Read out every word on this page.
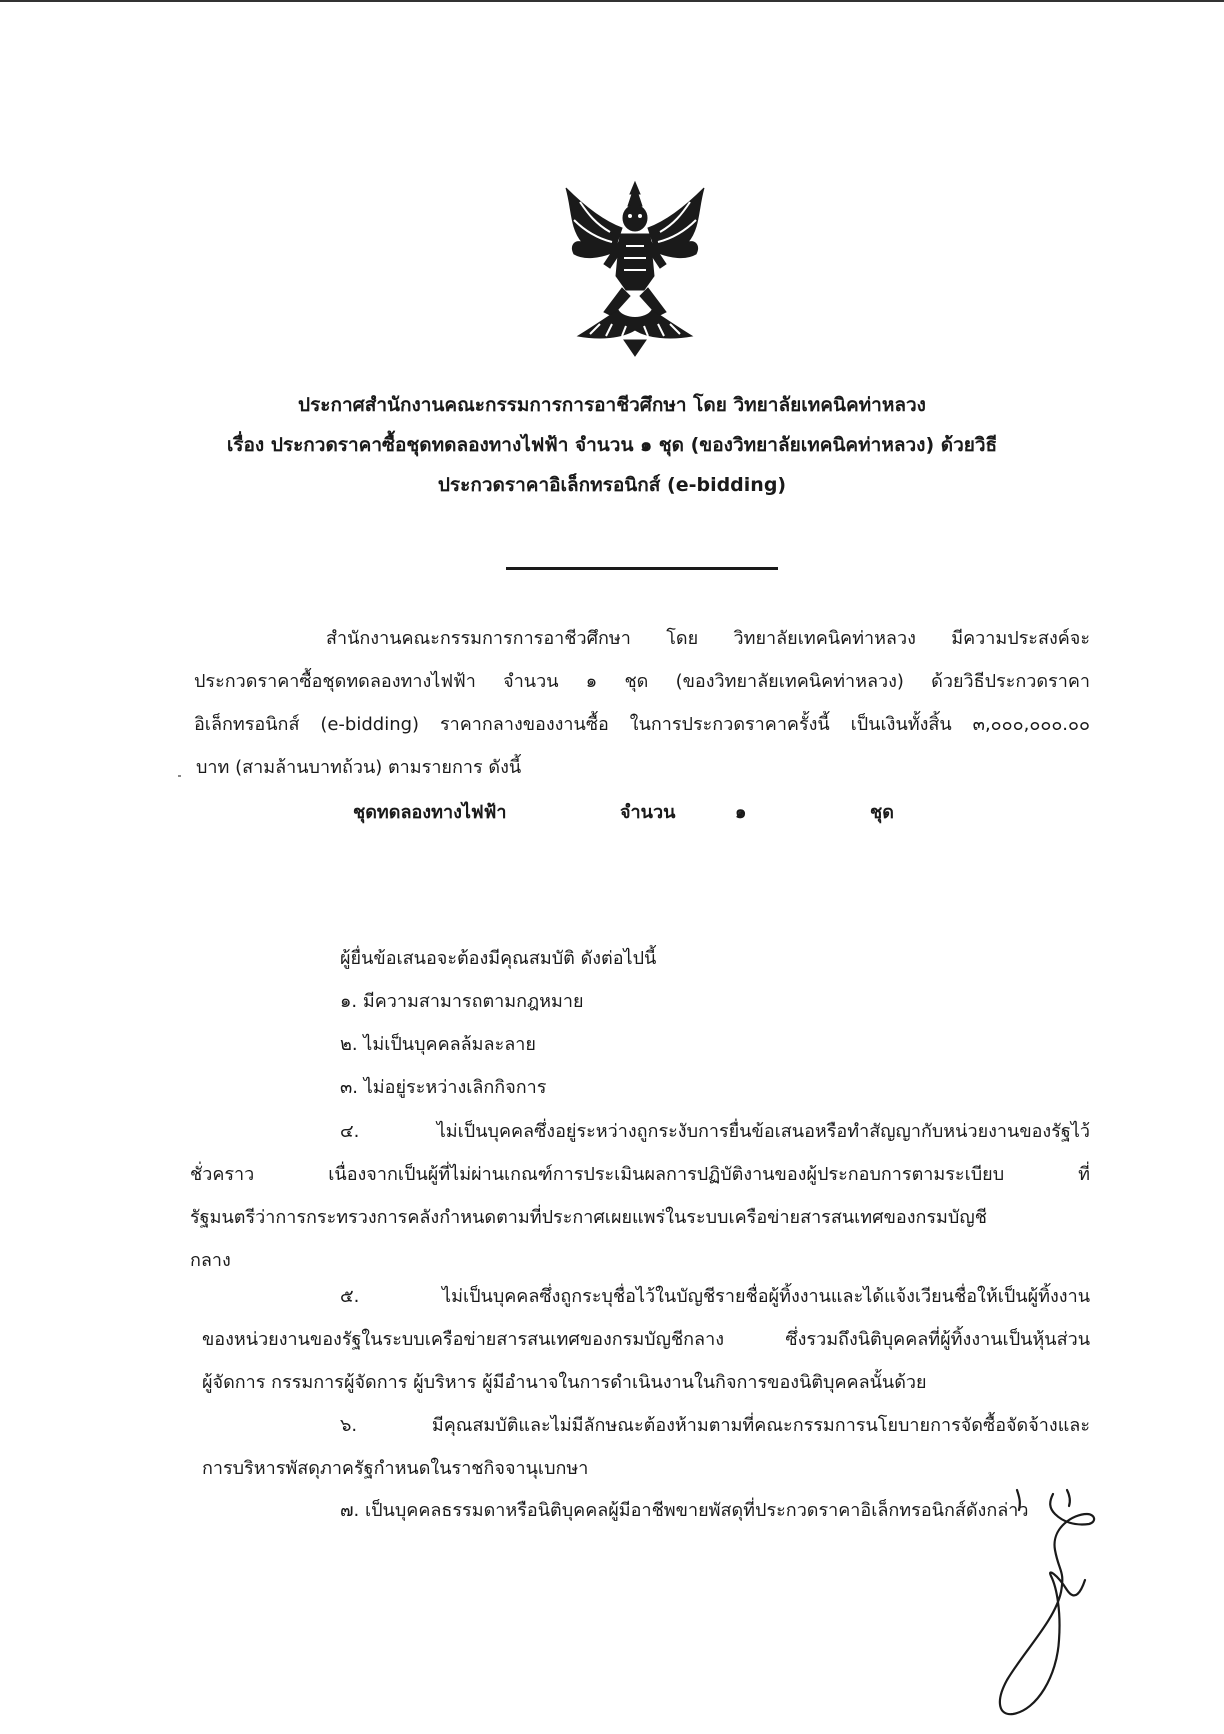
ประกาศสำนักงานคณะกรรมการการอาชีวศึกษา โดย วิทยาลัยเทคนิคท่าหลวง
เรื่อง ประกวดราคาซื้อชุดทดลองทางไฟฟ้า จำนวน ๑ ชุด (ของวิทยาลัยเทคนิคท่าหลวง) ด้วยวิธี
ประกวดราคาอิเล็กทรอนิกส์ (e-bidding)
สำนักงานคณะกรรมการการอาชีวศึกษา โดย วิทยาลัยเทคนิคท่าหลวง มีความประสงค์จะ
ประกวดราคาซื้อชุดทดลองทางไฟฟ้า จำนวน ๑ ชุด (ของวิทยาลัยเทคนิคท่าหลวง) ด้วยวิธีประกวดราคา
อิเล็กทรอนิกส์ (e-bidding) ราคากลางของงานซื้อ ในการประกวดราคาครั้งนี้ เป็นเงินทั้งสิ้น ๓,๐๐๐,๐๐๐.๐๐
บาท (สามล้านบาทถ้วน) ตามรายการ ดังนี้
ชุดทดลองทางไฟฟ้า	จำนวน	๑	ชุด
ผู้ยื่นข้อเสนอจะต้องมีคุณสมบัติ ดังต่อไปนี้
๑. มีความสามารถตามกฎหมาย
๒. ไม่เป็นบุคคลล้มละลาย
๓. ไม่อยู่ระหว่างเลิกกิจการ
๔. ไม่เป็นบุคคลซึ่งอยู่ระหว่างถูกระงับการยื่นข้อเสนอหรือทำสัญญากับหน่วยงานของรัฐไว้
ชั่วคราว เนื่องจากเป็นผู้ที่ไม่ผ่านเกณฑ์การประเมินผลการปฏิบัติงานของผู้ประกอบการตามระเบียบ ที่
รัฐมนตรีว่าการกระทรวงการคลังกำหนดตามที่ประกาศเผยแพร่ในระบบเครือข่ายสารสนเทศของกรมบัญชี
กลาง
๕. ไม่เป็นบุคคลซึ่งถูกระบุชื่อไว้ในบัญชีรายชื่อผู้ทิ้งงานและได้แจ้งเวียนชื่อให้เป็นผู้ทิ้งงาน
ของหน่วยงานของรัฐในระบบเครือข่ายสารสนเทศของกรมบัญชีกลาง ซึ่งรวมถึงนิติบุคคลที่ผู้ทิ้งงานเป็นหุ้นส่วน
ผู้จัดการ กรรมการผู้จัดการ ผู้บริหาร ผู้มีอำนาจในการดำเนินงานในกิจการของนิติบุคคลนั้นด้วย
๖. มีคุณสมบัติและไม่มีลักษณะต้องห้ามตามที่คณะกรรมการนโยบายการจัดซื้อจัดจ้างและ
การบริหารพัสดุภาครัฐกำหนดในราชกิจจานุเบกษา
๗. เป็นบุคคลธรรมดาหรือนิติบุคคลผู้มีอาชีพขายพัสดุที่ประกวดราคาอิเล็กทรอนิกส์ดังกล่าว
